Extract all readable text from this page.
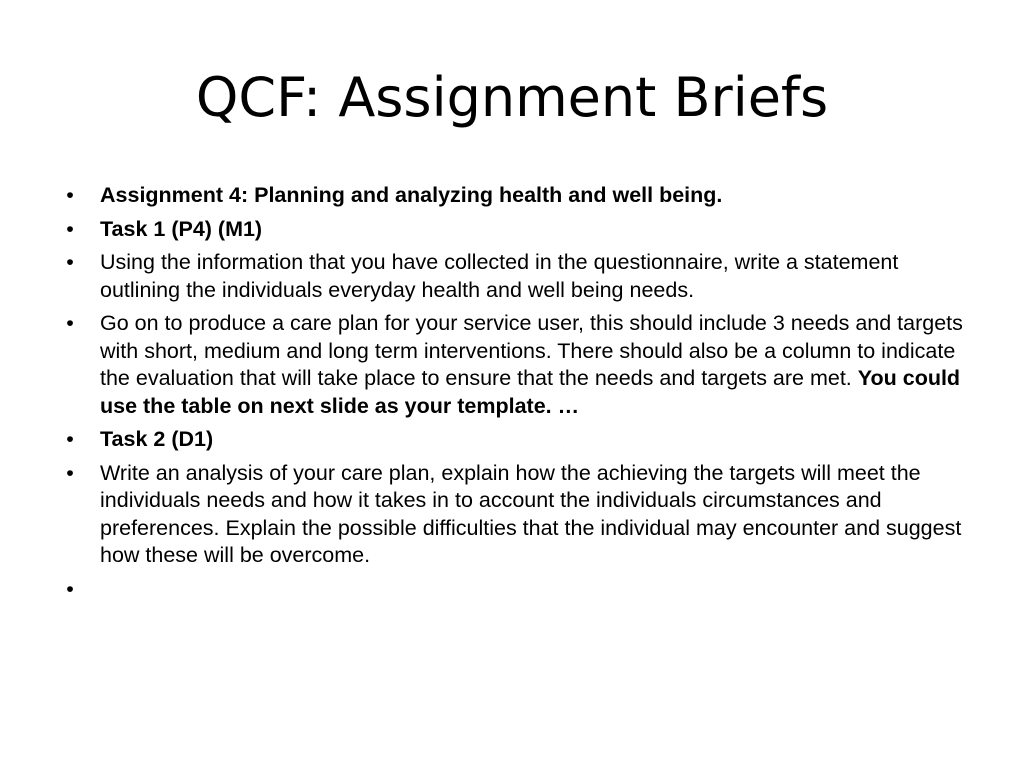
QCF: Assignment Briefs
• Assignment 4: Planning and analyzing health and well being.
• Task 1 (P4) (M1)
• Using the information that you have collected in the questionnaire, write a statement outlining the individuals everyday health and well being needs.
• Go on to produce a care plan for your service user, this should include 3 needs and targets with short, medium and long term interventions. There should also be a column to indicate the evaluation that will take place to ensure that the needs and targets are met. You could use the table on next slide as your template. …
• Task 2 (D1)
• Write an analysis of your care plan, explain how the achieving the targets will meet the individuals needs and how it takes in to account the individuals circumstances and preferences. Explain the possible difficulties that the individual may encounter and suggest how these will be overcome.
•
